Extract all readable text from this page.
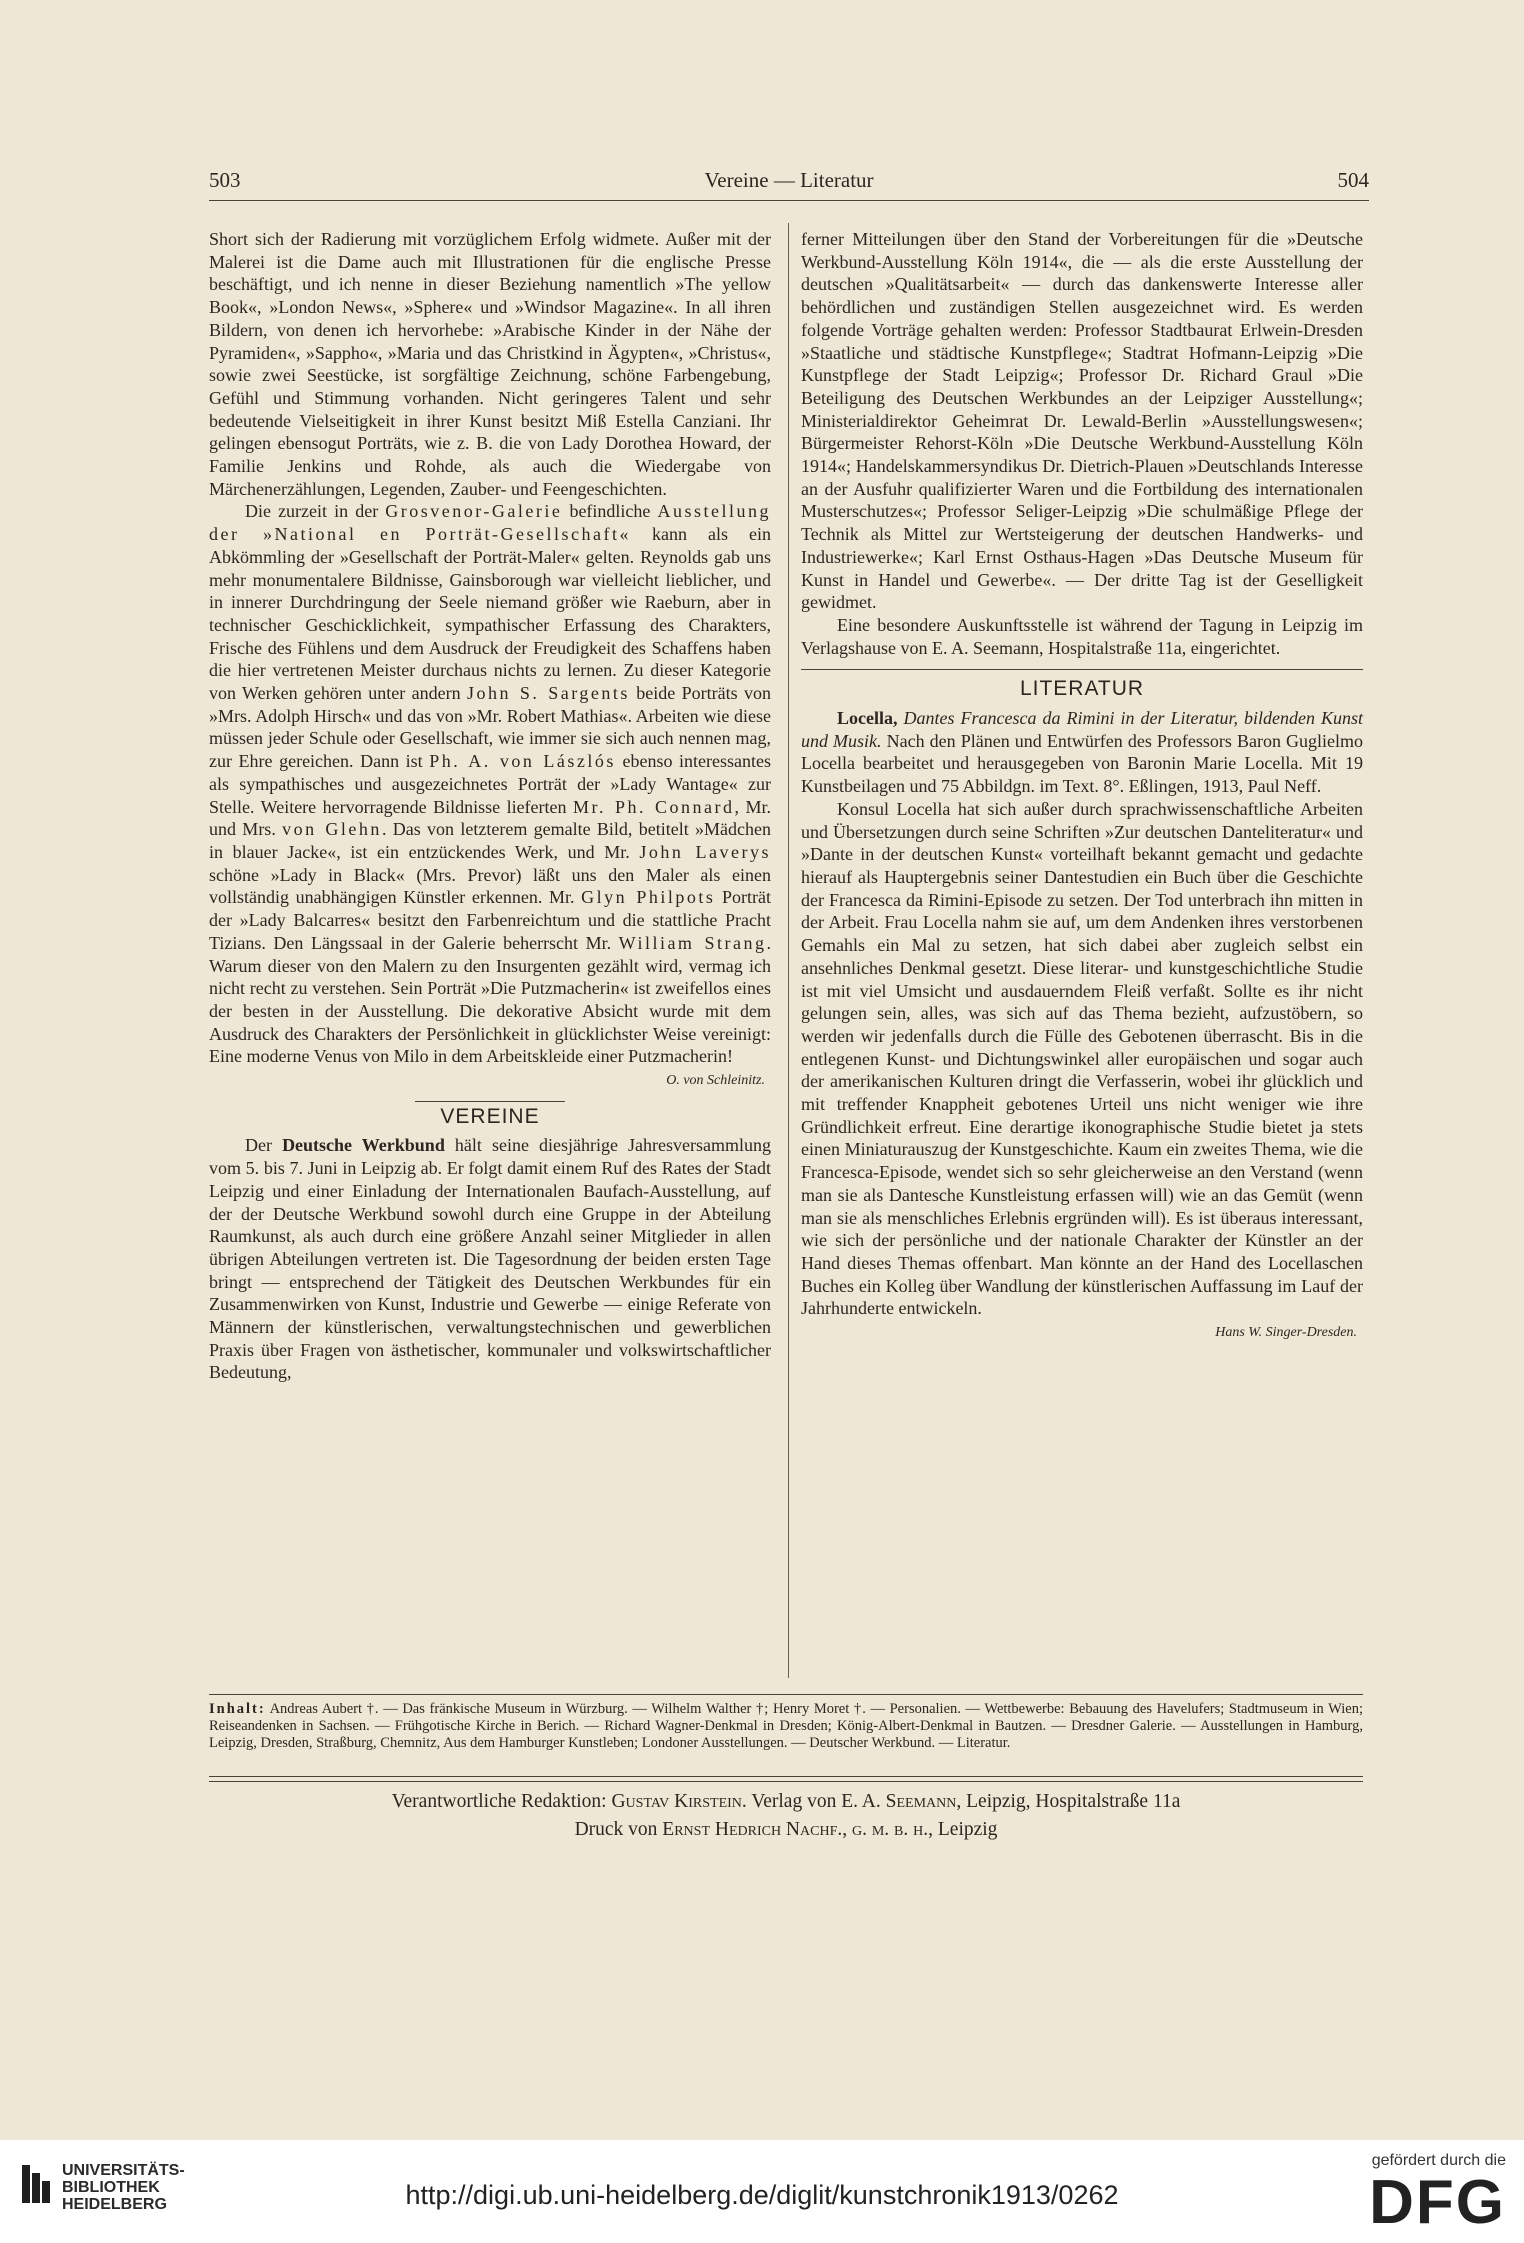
503	Vereine — Literatur	504

Short sich der Radierung mit vorzüglichem Erfolg widmete. Außer mit der Malerei ist die Dame auch mit Illustrationen für die englische Presse beschäftigt, und ich nenne in dieser Beziehung namentlich »The yellow Book«, »London News«, »Sphere« und »Windsor Magazine«. In all ihren Bildern, von denen ich hervorhebe: »Arabische Kinder in der Nähe der Pyramiden«, »Sappho«, »Maria und das Christkind in Ägypten«, »Christus«, sowie zwei Seestücke, ist sorgfältige Zeichnung, schöne Farbengebung, Gefühl und Stimmung vorhanden. Nicht geringeres Talent und sehr bedeutende Vielseitigkeit in ihrer Kunst besitzt Miß Estella Canziani. Ihr gelingen ebensogut Porträts, wie z. B. die von Lady Dorothea Howard, der Familie Jenkins und Rohde, als auch die Wiedergabe von Märchenerzählungen, Legenden, Zauber- und Feengeschichten.

Die zurzeit in der Grosvenor-Galerie befindliche Ausstellung der »National en Porträt-Gesellschaft« kann als ein Abkömmling der »Gesellschaft der Porträt-Maler« gelten. Reynolds gab uns mehr monumentalere Bildnisse, Gainsborough war vielleicht lieblicher, und in innerer Durchdringung der Seele niemand größer wie Raeburn, aber in technischer Geschicklichkeit, sympathischer Erfassung des Charakters, Frische des Fühlens und dem Ausdruck der Freudigkeit des Schaffens haben die hier vertretenen Meister durchaus nichts zu lernen. Zu dieser Kategorie von Werken gehören unter andern John S. Sargents beide Porträts von »Mrs. Adolph Hirsch« und das von »Mr. Robert Mathias«. Arbeiten wie diese müssen jeder Schule oder Gesellschaft, wie immer sie sich auch nennen mag, zur Ehre gereichen. Dann ist Ph. A. von Lászlós ebenso interessantes als sympathisches und ausgezeichnetes Porträt der »Lady Wantage« zur Stelle. Weitere hervorragende Bildnisse lieferten Mr. Ph. Connard, Mr. und Mrs. von Glehn. Das von letzterem gemalte Bild, betitelt »Mädchen in blauer Jacke«, ist ein entzückendes Werk, und Mr. John Laverys schöne »Lady in Black« (Mrs. Prevor) läßt uns den Maler als einen vollständig unabhängigen Künstler erkennen. Mr. Glyn Philpots Porträt der »Lady Balcarres« besitzt den Farbenreichtum und die stattliche Pracht Tizians. Den Längssaal in der Galerie beherrscht Mr. William Strang. Warum dieser von den Malern zu den Insurgenten gezählt wird, vermag ich nicht recht zu verstehen. Sein Porträt »Die Putzmacherin« ist zweifellos eines der besten in der Ausstellung. Die dekorative Absicht wurde mit dem Ausdruck des Charakters der Persönlichkeit in glücklichster Weise vereinigt: Eine moderne Venus von Milo in dem Arbeitskleide einer Putzmacherin!

O. von Schleinitz.
VEREINE

Der Deutsche Werkbund hält seine diesjährige Jahresversammlung vom 5. bis 7. Juni in Leipzig ab. Er folgt damit einem Ruf des Rates der Stadt Leipzig und einer Einladung der Internationalen Baufach-Ausstellung, auf der der Deutsche Werkbund sowohl durch eine Gruppe in der Abteilung Raumkunst, als auch durch eine größere Anzahl seiner Mitglieder in allen übrigen Abteilungen vertreten ist. Die Tagesordnung der beiden ersten Tage bringt — entsprechend der Tätigkeit des Deutschen Werkbundes für ein Zusammenwirken von Kunst, Industrie und Gewerbe — einige Referate von Männern der künstlerischen, verwaltungstechnischen und gewerblichen Praxis über Fragen von ästhetischer, kommunaler und volkswirtschaftlicher Bedeutung,

ferner Mitteilungen über den Stand der Vorbereitungen für die »Deutsche Werkbund-Ausstellung Köln 1914«, die — als die erste Ausstellung der deutschen »Qualitätsarbeit« — durch das dankenswerte Interesse aller behördlichen und zuständigen Stellen ausgezeichnet wird. Es werden folgende Vorträge gehalten werden: Professor Stadtbaurat Erlwein-Dresden »Staatliche und städtische Kunstpflege«; Stadtrat Hofmann-Leipzig »Die Kunstpflege der Stadt Leipzig«; Professor Dr. Richard Graul »Die Beteiligung des Deutschen Werkbundes an der Leipziger Ausstellung«; Ministerialdirektor Geheimrat Dr. Lewald-Berlin »Ausstellungswesen«; Bürgermeister Rehorst-Köln »Die Deutsche Werkbund-Ausstellung Köln 1914«; Handelskammersyndikus Dr. Dietrich-Plauen »Deutschlands Interesse an der Ausfuhr qualifizierter Waren und die Fortbildung des internationalen Musterschutzes«; Professor Seliger-Leipzig »Die schulmäßige Pflege der Technik als Mittel zur Wertsteigerung der deutschen Handwerks- und Industriewerke«; Karl Ernst Osthaus-Hagen »Das Deutsche Museum für Kunst in Handel und Gewerbe«. — Der dritte Tag ist der Geselligkeit gewidmet.

Eine besondere Auskunftsstelle ist während der Tagung in Leipzig im Verlagshause von E. A. Seemann, Hospitalstraße 11a, eingerichtet.

LITERATUR

Locella, Dantes Francesca da Rimini in der Literatur, bildenden Kunst und Musik. Nach den Plänen und Entwürfen des Professors Baron Guglielmo Locella bearbeitet und herausgegeben von Baronin Marie Locella. Mit 19 Kunstbeilagen und 75 Abbildgn. im Text. 8°. Eßlingen, 1913, Paul Neff.

Konsul Locella hat sich außer durch sprachwissenschaftliche Arbeiten und Übersetzungen durch seine Schriften »Zur deutschen Danteliteratur« und »Dante in der deutschen Kunst« vorteilhaft bekannt gemacht und gedachte hierauf als Hauptergebnis seiner Dantestudien ein Buch über die Geschichte der Francesca da Rimini-Episode zu setzen. Der Tod unterbrach ihn mitten in der Arbeit. Frau Locella nahm sie auf, um dem Andenken ihres verstorbenen Gemahls ein Mal zu setzen, hat sich dabei aber zugleich selbst ein ansehnliches Denkmal gesetzt. Diese literar- und kunstgeschichtliche Studie ist mit viel Umsicht und ausdauerndem Fleiß verfaßt. Sollte es ihr nicht gelungen sein, alles, was sich auf das Thema bezieht, aufzustöbern, so werden wir jedenfalls durch die Fülle des Gebotenen überrascht. Bis in die entlegenen Kunst- und Dichtungswinkel aller europäischen und sogar auch der amerikanischen Kulturen dringt die Verfasserin, wobei ihr glücklich und mit treffender Knappheit gebotenes Urteil uns nicht weniger wie ihre Gründlichkeit erfreut. Eine derartige ikonographische Studie bietet ja stets einen Miniaturauszug der Kunstgeschichte. Kaum ein zweites Thema, wie die Francesca-Episode, wendet sich so sehr gleicherweise an den Verstand (wenn man sie als Dantesche Kunstleistung erfassen will) wie an das Gemüt (wenn man sie als menschliches Erlebnis ergründen will). Es ist überaus interessant, wie sich der persönliche und der nationale Charakter der Künstler an der Hand dieses Themas offenbart. Man könnte an der Hand des Locellaschen Buches ein Kolleg über Wandlung der künstlerischen Auffassung im Lauf der Jahrhunderte entwickeln.

Hans W. Singer-Dresden.
Inhalt: Andreas Aubert †. — Das fränkische Museum in Würzburg. — Wilhelm Walther †; Henry Moret †. — Personalien. — Wettbewerbe: Bebauung des Havelufers; Stadtmuseum in Wien; Reiseandenken in Sachsen. — Frühgotische Kirche in Berich. — Richard Wagner-Denkmal in Dresden; König-Albert-Denkmal in Bautzen. — Dresdner Galerie. — Ausstellungen in Hamburg, Leipzig, Dresden, Straßburg, Chemnitz, Aus dem Hamburger Kunstleben; Londoner Ausstellungen. — Deutscher Werkbund. — Literatur.
Verantwortliche Redaktion: Gustav Kirstein. Verlag von E. A. Seemann, Leipzig, Hospitalstraße 11a
Druck von Ernst Hedrich Nachf., g. m. b. h., Leipzig
UNIVERSITÄTS-
BIBLIOTHEK
HEIDELBERG	http://digi.ub.uni-heidelberg.de/diglit/kunstchronik1913/0262
gefördert durch die
DFG
